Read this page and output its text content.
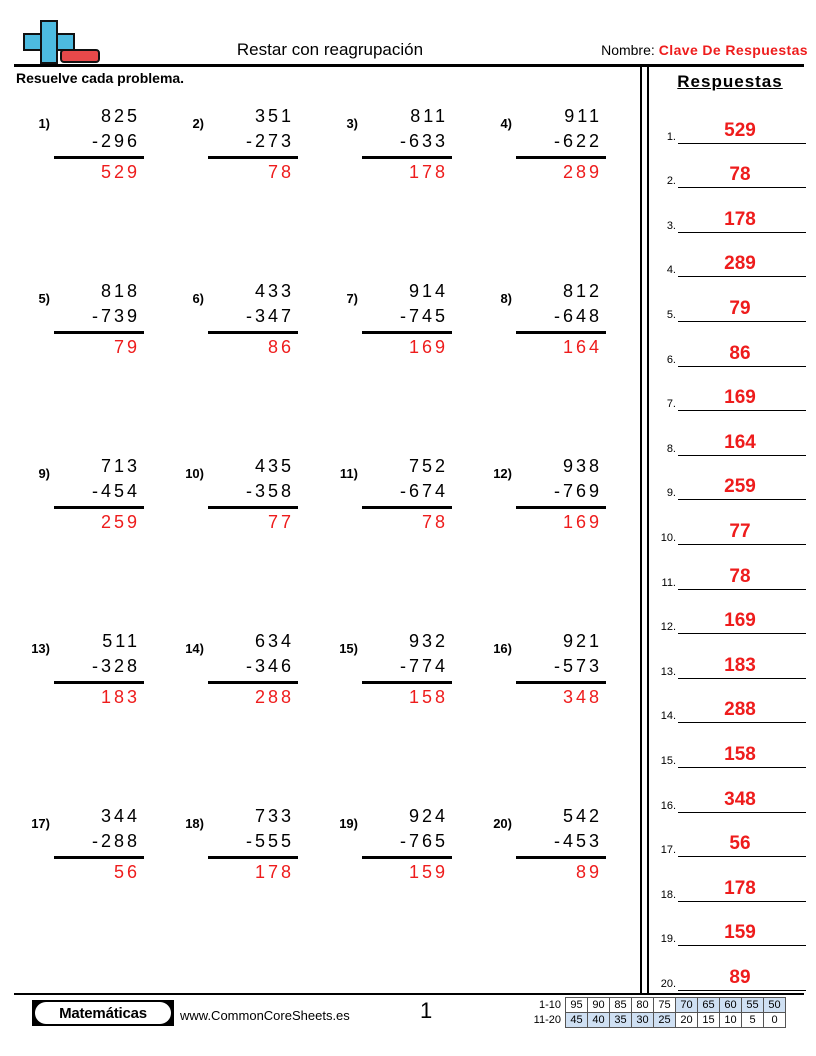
Restar con reagrupación	Nombre: Clave De Respuestas
Resuelve cada problema.
1)	825
-296
529
2)	351
-273
78
3)	811
-633
178
4)	911
-622
289
5)	818
-739
79
6)	433
-347
86
7)	914
-745
169
8)	812
-648
164
9)	713
-454
259
10)	435
-358
77
11)	752
-674
78
12)	938
-769
169
13)	511
-328
183
14)	634
-346
288
15)	932
-774
158
16)	921
-573
348
17)	344
-288
56
18)	733
-555
178
19)	924
-765
159
20)	542
-453
89
Respuestas
1.	529
2.	78
3.	178
4.	289
5.	79
6.	86
7.	169
8.	164
9.	259
10.	77
11.	78
12.	169
13.	183
14.	288
15.	158
16.	348
17.	56
18.	178
19.	159
20.	89
Matemáticas	www.CommonCoreSheets.es	1	1-10	95	90	85	80	75	70	65	60	55	50
11-20	45	40	35	30	25	20	15	10	5	0
